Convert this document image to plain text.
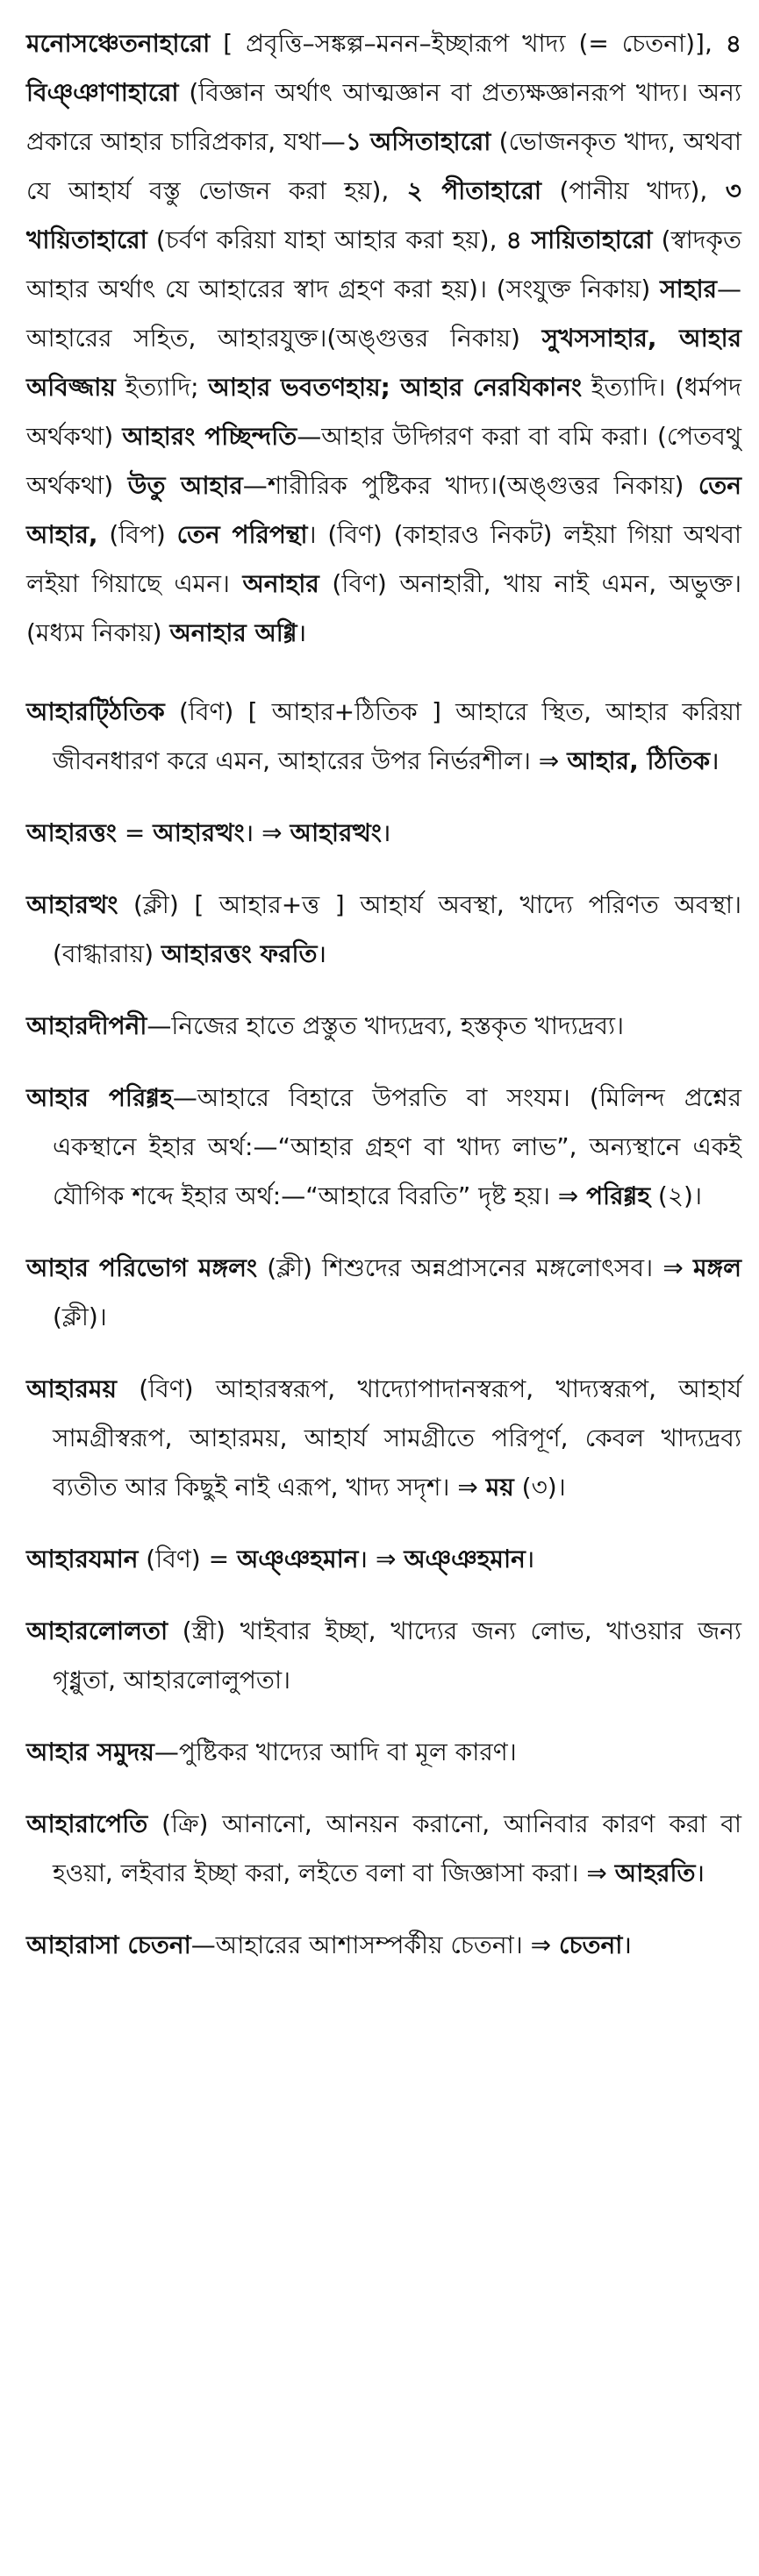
মনোসঞ্চেতনাহারো [ প্রবৃত্তি–সঙ্কল্প–মনন–ইচ্ছারূপ খাদ্য (= চেতনা)], ৪ বিঞ্ঞাণাহারো (বিজ্ঞান অর্থাৎ আত্মজ্ঞান বা প্রত্যক্ষজ্ঞানরূপ খাদ্য। অন্য প্রকারে আহার চারিপ্রকার, যথা—১ অসিতাহারো (ভোজনকৃত খাদ্য, অথবা যে আহার্য বস্তু ভোজন করা হয়), ২ পীতাহারো (পানীয় খাদ্য), ৩ খায়িতাহারো (চর্বণ করিয়া যাহা আহার করা হয়), ৪ সায়িতাহারো (স্বাদকৃত আহার অর্থাৎ যে আহারের স্বাদ গ্রহণ করা হয়)। (সংযুক্ত নিকায়) সাহার—আহারের সহিত, আহারযুক্ত।(অঙ্গুত্তর নিকায়) সুখসসাহার, আহার অবিজ্জায় ইত্যাদি; আহার ভবতণহায়; আহার নেরযিকানং ইত্যাদি। (ধর্মপদ অর্থকথা) আহারং পচ্ছিন্দতি—আহার উদ্গিরণ করা বা বমি করা। (পেতবথু অর্থকথা) উতু আহার—শারীরিক পুষ্টিকর খাদ্য।(অঙ্গুত্তর নিকায়) তেন আহার, (বিপ) তেন পরিপন্থা। (বিণ) (কাহারও নিকট) লইয়া গিয়া অথবা লইয়া গিয়াছে এমন। অনাহার (বিণ) অনাহারী, খায় নাই এমন, অভুক্ত। (মধ্যম নিকায়) অনাহার অগ্গি।

আহারট্ঠিতিক (বিণ) [ আহার+ঠিতিক ] আহারে স্থিত, আহার করিয়া জীবনধারণ করে এমন, আহারের উপর নির্ভরশীল। ⇒ আহার, ঠিতিক।

আহারত্তং = আহারত্থং। ⇒ আহারত্থং।

আহারত্থং (ক্লী) [ আহার+ত্ত ] আহার্য অবস্থা, খাদ্যে পরিণত অবস্থা। (বাগ্ধারায়) আহারত্তং ফরতি।

আহারদীপনী—নিজের হাতে প্রস্তুত খাদ্যদ্রব্য, হস্তকৃত খাদ্যদ্রব্য।

আহার পরিগ্গহ—আহারে বিহারে উপরতি বা সংযম। (মিলিন্দ প্রশ্নের একস্থানে ইহার অর্থ:—“আহার গ্রহণ বা খাদ্য লাভ”, অন্যস্থানে একই যৌগিক শব্দে ইহার অর্থ:—“আহারে বিরতি” দৃষ্ট হয়। ⇒ পরিগ্গহ (২)।

আহার পরিভোগ মঙ্গলং (ক্লী) শিশুদের অন্নপ্রাসনের মঙ্গলোৎসব। ⇒ মঙ্গল (ক্লী)।

আহারময় (বিণ) আহারস্বরূপ, খাদ্যোপাদানস্বরূপ, খাদ্যস্বরূপ, আহার্য সামগ্রীস্বরূপ, আহারময়, আহার্য সামগ্রীতে পরিপূর্ণ, কেবল খাদ্যদ্রব্য ব্যতীত আর কিছুই নাই এরূপ, খাদ্য সদৃশ। ⇒ ময় (৩)।

আহারযমান (বিণ) = অঞ্ঞহমান। ⇒ অঞ্ঞহমান।

আহারলোলতা (স্ত্রী) খাইবার ইচ্ছা, খাদ্যের জন্য লোভ, খাওয়ার জন্য গৃধ্নুতা, আহারলোলুপতা।

আহার সমুদয়—পুষ্টিকর খাদ্যের আদি বা মূল কারণ।

আহারাপেতি (ক্রি) আনানো, আনয়ন করানো, আনিবার কারণ করা বা হওয়া, লইবার ইচ্ছা করা, লইতে বলা বা জিজ্ঞাসা করা। ⇒ আহরতি।

আহারাসা চেতনা—আহারের আশাসম্পর্কীয় চেতনা। ⇒ চেতনা।
